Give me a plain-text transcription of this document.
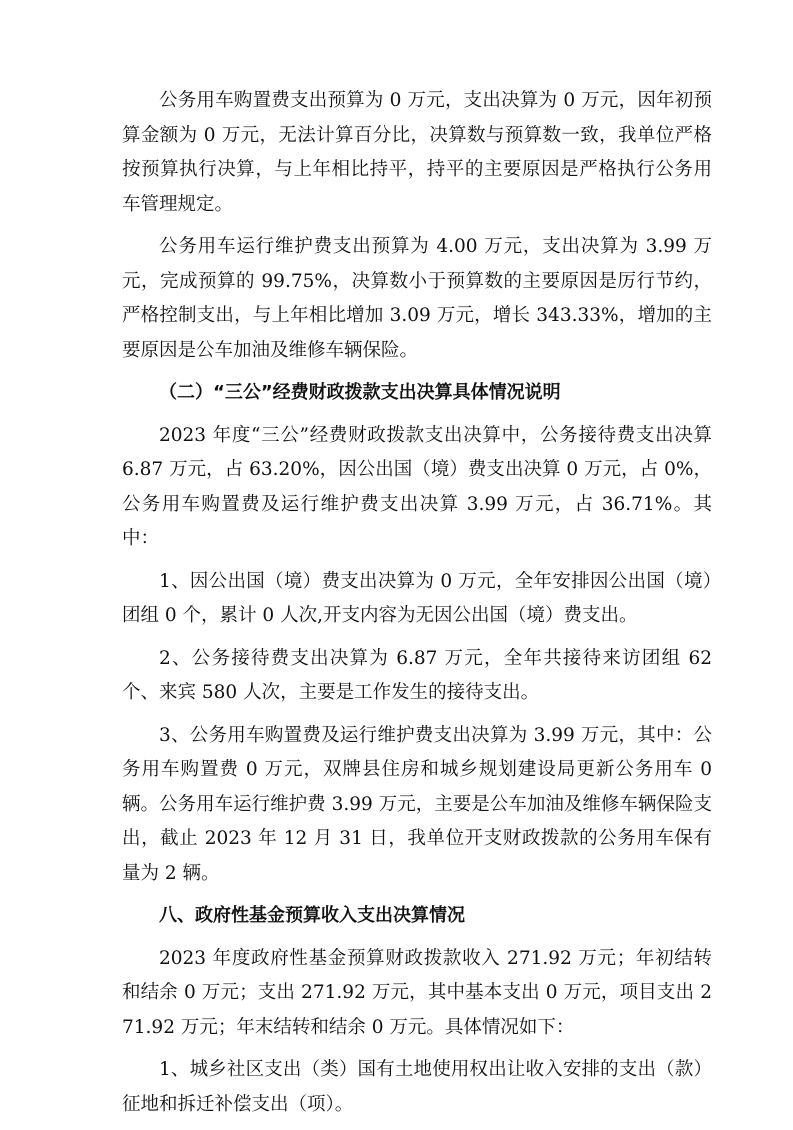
公务用车购置费支出预算为 0 万元，支出决算为 0 万元，因年初预算金额为 0 万元，无法计算百分比，决算数与预算数一致，我单位严格按预算执行决算，与上年相比持平，持平的主要原因是严格执行公务用车管理规定。

公务用车运行维护费支出预算为 4.00 万元，支出决算为 3.99 万元，完成预算的 99.75%，决算数小于预算数的主要原因是厉行节约，严格控制支出，与上年相比增加 3.09 万元，增长 343.33%，增加的主要原因是公车加油及维修车辆保险。

（二）“三公”经费财政拨款支出决算具体情况说明

2023 年度“三公”经费财政拨款支出决算中，公务接待费支出决算 6.87 万元，占 63.20%，因公出国（境）费支出决算 0 万元，占 0%，公务用车购置费及运行维护费支出决算 3.99 万元，占 36.71%。其中：

1、因公出国（境）费支出决算为 0 万元，全年安排因公出国（境）团组 0 个，累计 0 人次,开支内容为无因公出国（境）费支出。

2、公务接待费支出决算为 6.87 万元，全年共接待来访团组 62 个、来宾 580 人次，主要是工作发生的接待支出。

3、公务用车购置费及运行维护费支出决算为 3.99 万元，其中：公务用车购置费 0 万元，双牌县住房和城乡规划建设局更新公务用车 0 辆。公务用车运行维护费 3.99 万元，主要是公车加油及维修车辆保险支出，截止 2023 年 12 月 31 日，我单位开支财政拨款的公务用车保有量为 2 辆。

八、政府性基金预算收入支出决算情况

2023 年度政府性基金预算财政拨款收入 271.92 万元；年初结转和结余 0 万元；支出 271.92 万元，其中基本支出 0 万元，项目支出 271.92 万元；年末结转和结余 0 万元。具体情况如下：

1、城乡社区支出（类）国有土地使用权出让收入安排的支出（款）征地和拆迁补偿支出（项）。
